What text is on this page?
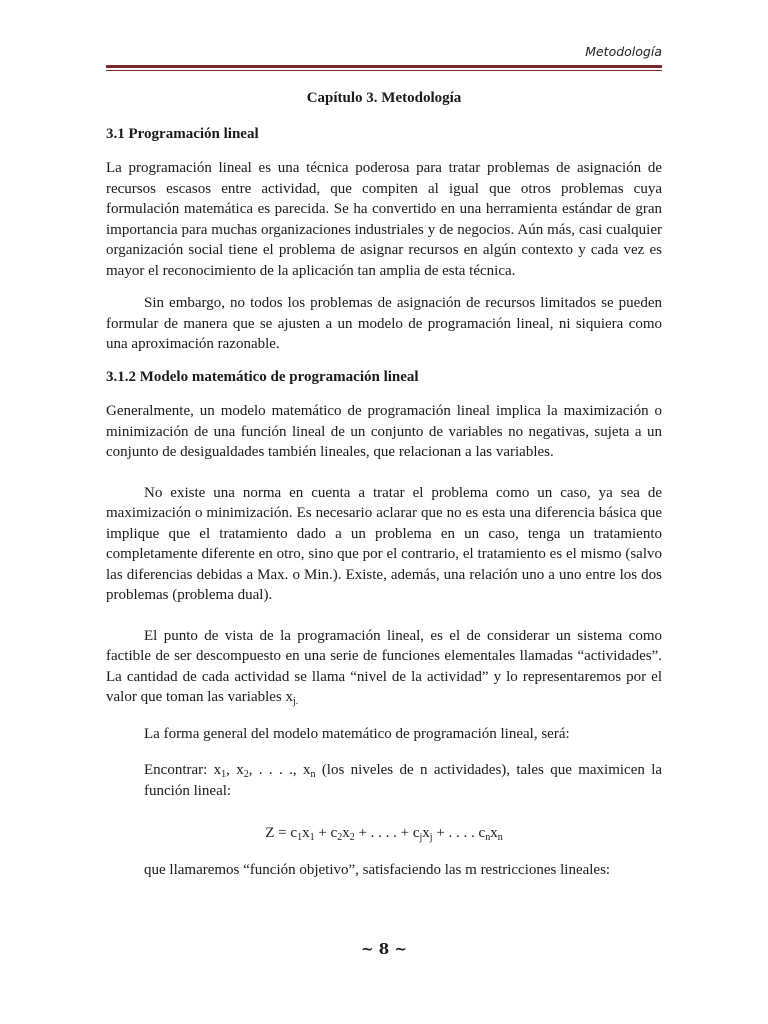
Metodología
Capítulo 3. Metodología
3.1 Programación lineal

La programación lineal es una técnica poderosa para tratar problemas de asignación de recursos escasos entre actividad, que compiten al igual que otros problemas cuya formulación matemática es parecida. Se ha convertido en una herramienta estándar de gran importancia para muchas organizaciones industriales y de negocios. Aún más, casi cualquier organización social tiene el problema de asignar recursos en algún contexto y cada vez es mayor el reconocimiento de la aplicación tan amplia de esta técnica.

Sin embargo, no todos los problemas de asignación de recursos limitados se pueden formular de manera que se ajusten a un modelo de programación lineal, ni siquiera como una aproximación razonable.

3.1.2 Modelo matemático de programación lineal

Generalmente, un modelo matemático de programación lineal implica la maximización o minimización de una función lineal de un conjunto de variables no negativas, sujeta a un conjunto de desigualdades también lineales, que relacionan a las variables.

No existe una norma en cuenta a tratar el problema como un caso, ya sea de maximización o minimización. Es necesario aclarar que no es esta una diferencia básica que implique que el tratamiento dado a un problema en un caso, tenga un tratamiento completamente diferente en otro, sino que por el contrario, el tratamiento es el mismo (salvo las diferencias debidas a Max. o Min.). Existe, además, una relación uno a uno entre los dos problemas (problema dual).

El punto de vista de la programación lineal, es el de considerar un sistema como factible de ser descompuesto en una serie de funciones elementales llamadas “actividades”. La cantidad de cada actividad se llama “nivel de la actividad” y lo representaremos por el valor que toman las variables $x_{j.}$

La forma general del modelo matemático de programación lineal, será:

Encontrar: $x_1$, $x_2$, . . . ., $x_n$ (los niveles de n actividades), tales que maximicen la función lineal:

$Z = c_1x_1 + c_2x_2$ + . . . . + $c_jx_j$ + . . . . $c_nx_n$

que llamaremos “función objetivo”, satisfaciendo las m restricciones lineales:

~ 8 ~
